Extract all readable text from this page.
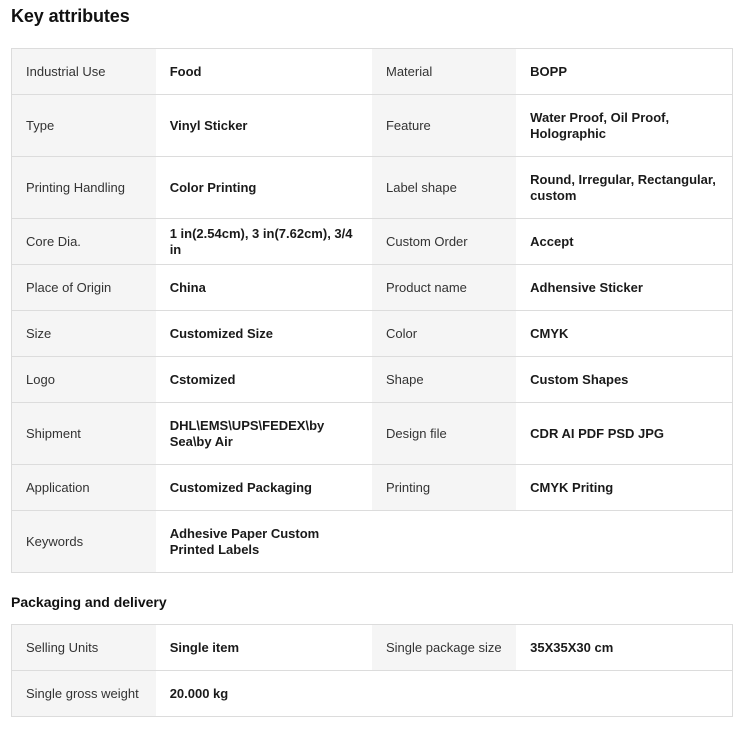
Key attributes
Industrial Use	Food	Material	BOPP
Type	Vinyl Sticker	Feature	Water Proof, Oil Proof, Holographic
Printing Handling	Color Printing	Label shape	Round, Irregular, Rectangular, custom
Core Dia.	1 in(2.54cm), 3 in(7.62cm), 3/4 in	Custom Order	Accept
Place of Origin	China	Product name	Adhensive Sticker
Size	Customized Size	Color	CMYK
Logo	Cstomized	Shape	Custom Shapes
Shipment	DHL\EMS\UPS\FEDEX\by Sea\by Air	Design file	CDR AI PDF PSD JPG
Application	Customized Packaging	Printing	CMYK Priting
Keywords	Adhesive Paper Custom Printed Labels		
Packaging and delivery
Selling Units	Single item	Single package size	35X35X30 cm
Single gross weight	20.000 kg		
